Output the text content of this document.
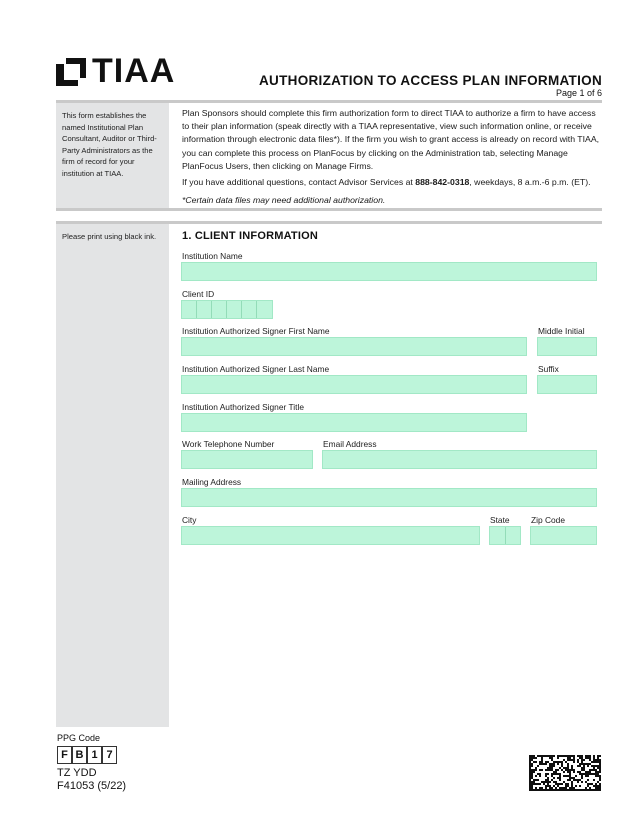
TIAA	AUTHORIZATION TO ACCESS PLAN INFORMATION
Page 1 of 6
This form establishes the named Institutional Plan Consultant, Auditor or Third-Party Administrators as the firm of record for your institution at TIAA.

Plan Sponsors should complete this firm authorization form to direct TIAA to authorize a firm to have access to their plan information (speak directly with a TIAA representative, view such information online, or receive information through electronic data files*). If the firm you wish to grant access is already on record with TIAA, you can complete this process on PlanFocus by clicking on the Administration tab, selecting Manage PlanFocus Users, then clicking on Manage Firms.

If you have additional questions, contact Advisor Services at 888-842-0318, weekdays, 8 a.m.-6 p.m. (ET).

*Certain data files may need additional authorization.

Please print using black ink.	1. CLIENT INFORMATION
Institution Name
Client ID
Institution Authorized Signer First Name	Middle Initial
Institution Authorized Signer Last Name	Suffix
Institution Authorized Signer Title
Work Telephone Number	Email Address
Mailing Address
City	State	Zip Code
PPG Code
F B 1 7
TZ YDD
F41053 (5/22)
